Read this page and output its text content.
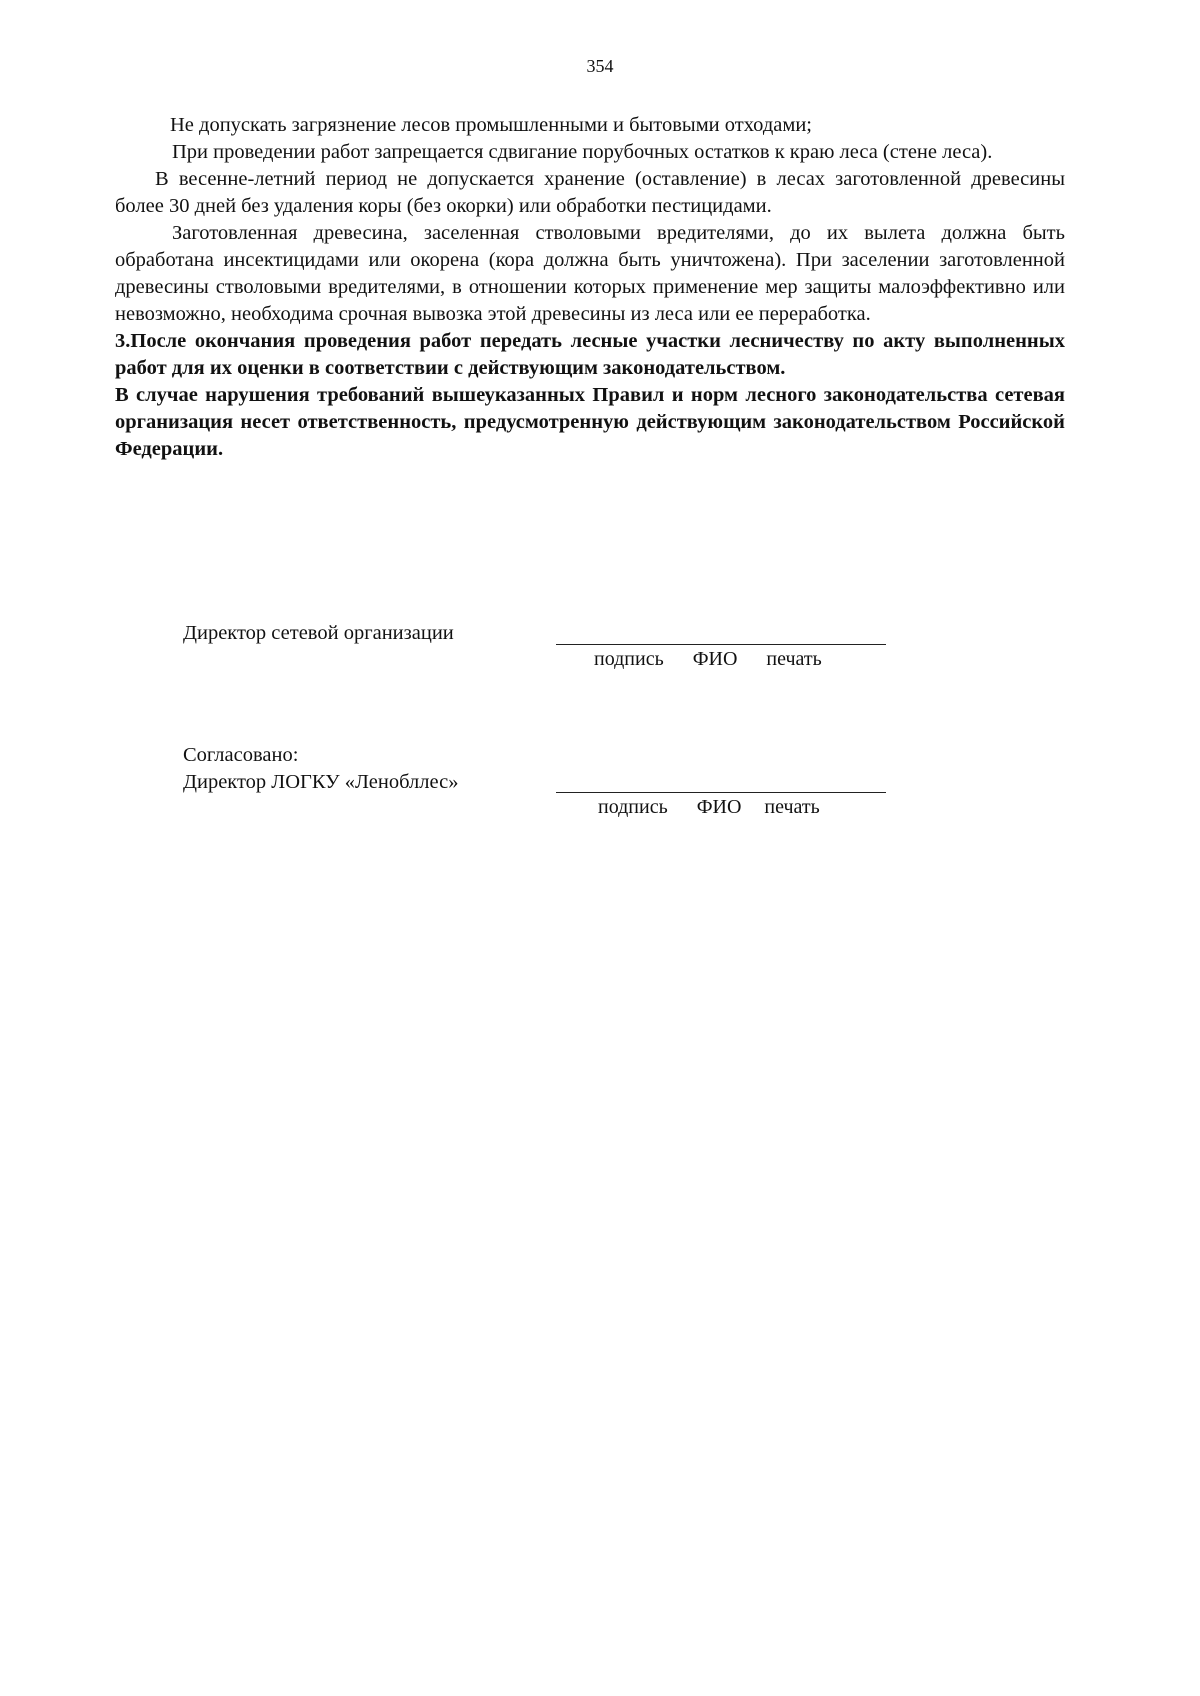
354

Не допускать загрязнение лесов промышленными и бытовыми отходами;

При проведении работ запрещается сдвигание порубочных остатков к краю леса (стене леса).

В весенне-летний период не допускается хранение (оставление) в лесах заготовленной древесины более 30 дней без удаления коры (без окорки) или обработки пестицидами.

Заготовленная древесина, заселенная стволовыми вредителями, до их вылета должна быть обработана инсектицидами или окорена (кора должна быть уничтожена). При заселении заготовленной древесины стволовыми вредителями, в отношении которых применение мер защиты малоэффективно или невозможно, необходима срочная вывозка этой древесины из леса или ее переработка.

3.После окончания проведения работ передать лесные участки лесничеству по акту выполненных работ для их оценки в соответствии с действующим законодательством.

В случае нарушения требований вышеуказанных Правил и норм лесного законодательства сетевая организация несет ответственность, предусмотренную действующим законодательством Российской Федерации.

Директор сетевой организации
подпись ФИО печать
Согласовано:
Директор ЛОГКУ «Ленобллес»
подпись ФИО печать
